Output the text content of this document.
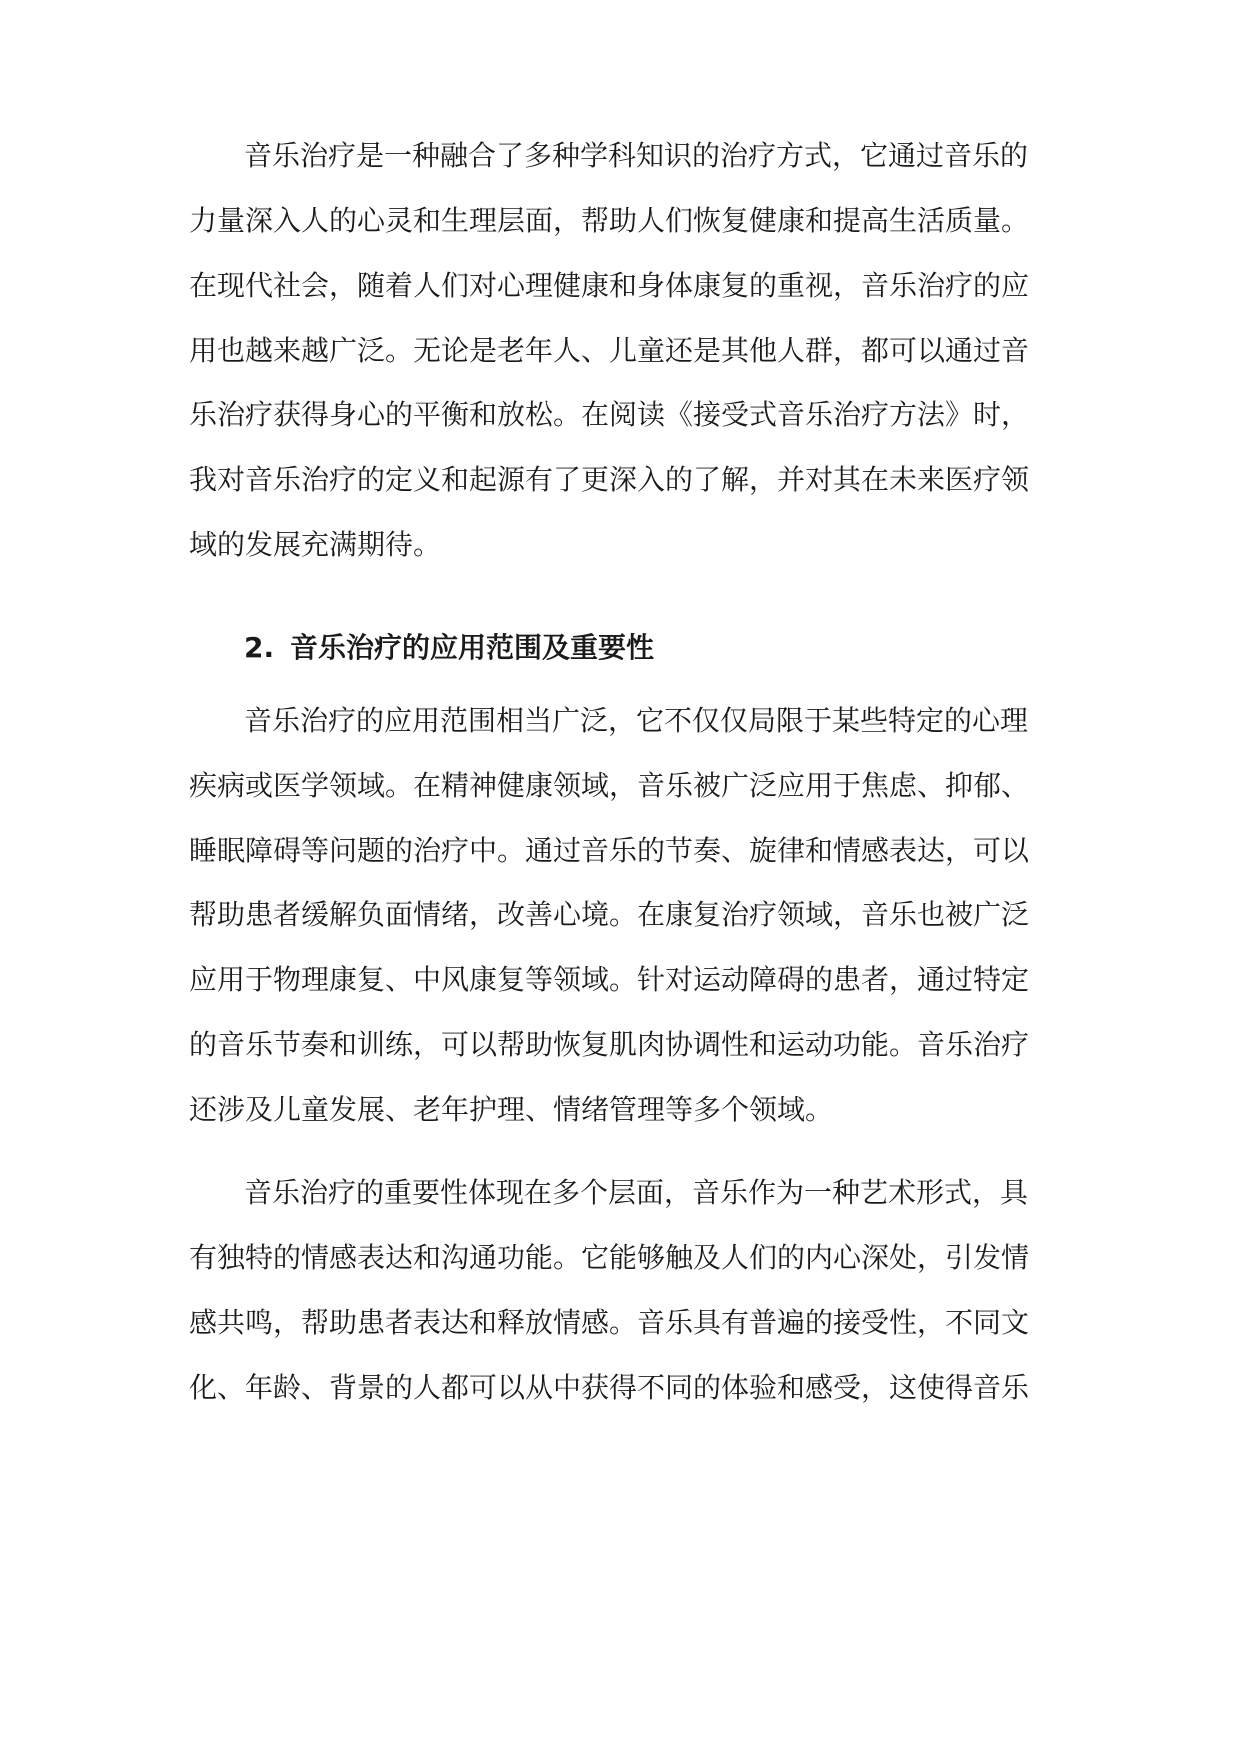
音乐治疗是一种融合了多种学科知识的治疗方式，它通过音乐的
力量深入人的心灵和生理层面，帮助人们恢复健康和提高生活质量。
在现代社会，随着人们对心理健康和身体康复的重视，音乐治疗的应
用也越来越广泛。无论是老年人、儿童还是其他人群，都可以通过音
乐治疗获得身心的平衡和放松。在阅读《接受式音乐治疗方法》时，
我对音乐治疗的定义和起源有了更深入的了解，并对其在未来医疗领
域的发展充满期待。
2. 音乐治疗的应用范围及重要性
音乐治疗的应用范围相当广泛，它不仅仅局限于某些特定的心理
疾病或医学领域。在精神健康领域，音乐被广泛应用于焦虑、抑郁、
睡眠障碍等问题的治疗中。通过音乐的节奏、旋律和情感表达，可以
帮助患者缓解负面情绪，改善心境。在康复治疗领域，音乐也被广泛
应用于物理康复、中风康复等领域。针对运动障碍的患者，通过特定
的音乐节奏和训练，可以帮助恢复肌肉协调性和运动功能。音乐治疗
还涉及儿童发展、老年护理、情绪管理等多个领域。
音乐治疗的重要性体现在多个层面，音乐作为一种艺术形式，具
有独特的情感表达和沟通功能。它能够触及人们的内心深处，引发情
感共鸣，帮助患者表达和释放情感。音乐具有普遍的接受性，不同文
化、年龄、背景的人都可以从中获得不同的体验和感受，这使得音乐
